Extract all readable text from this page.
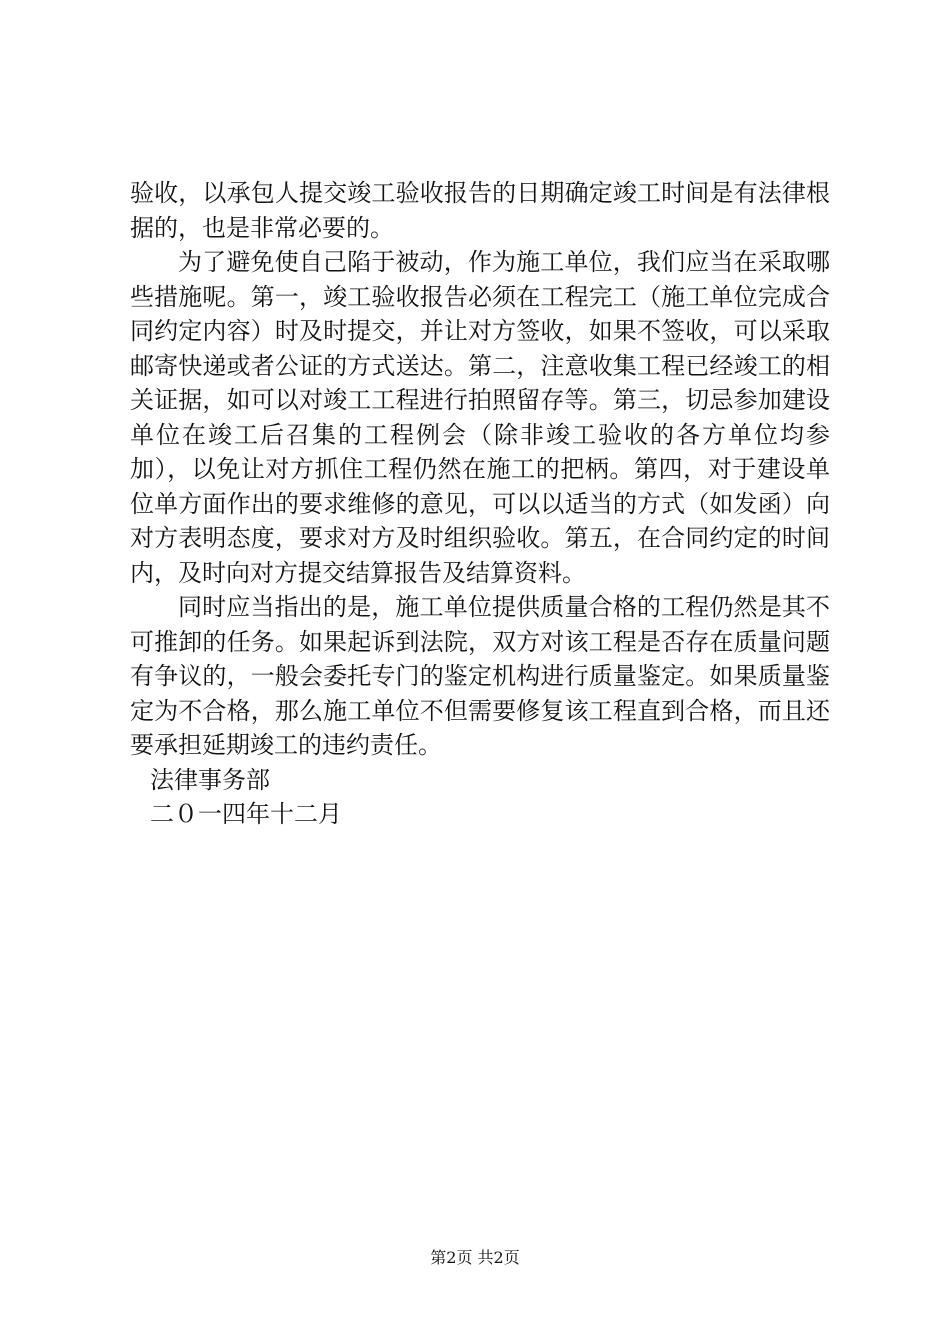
验收，以承包人提交竣工验收报告的日期确定竣工时间是有法律根据的，也是非常必要的。

为了避免使自己陷于被动，作为施工单位，我们应当在采取哪些措施呢。第一，竣工验收报告必须在工程完工（施工单位完成合同约定内容）时及时提交，并让对方签收，如果不签收，可以采取邮寄快递或者公证的方式送达。第二，注意收集工程已经竣工的相关证据，如可以对竣工工程进行拍照留存等。第三，切忌参加建设单位在竣工后召集的工程例会（除非竣工验收的各方单位均参加），以免让对方抓住工程仍然在施工的把柄。第四，对于建设单位单方面作出的要求维修的意见，可以以适当的方式（如发函）向对方表明态度，要求对方及时组织验收。第五，在合同约定的时间内，及时向对方提交结算报告及结算资料。

同时应当指出的是，施工单位提供质量合格的工程仍然是其不可推卸的任务。如果起诉到法院，双方对该工程是否存在质量问题有争议的，一般会委托专门的鉴定机构进行质量鉴定。如果质量鉴定为不合格，那么施工单位不但需要修复该工程直到合格，而且还要承担延期竣工的违约责任。

法律事务部

二０一四年十二月

第2页 共2页
